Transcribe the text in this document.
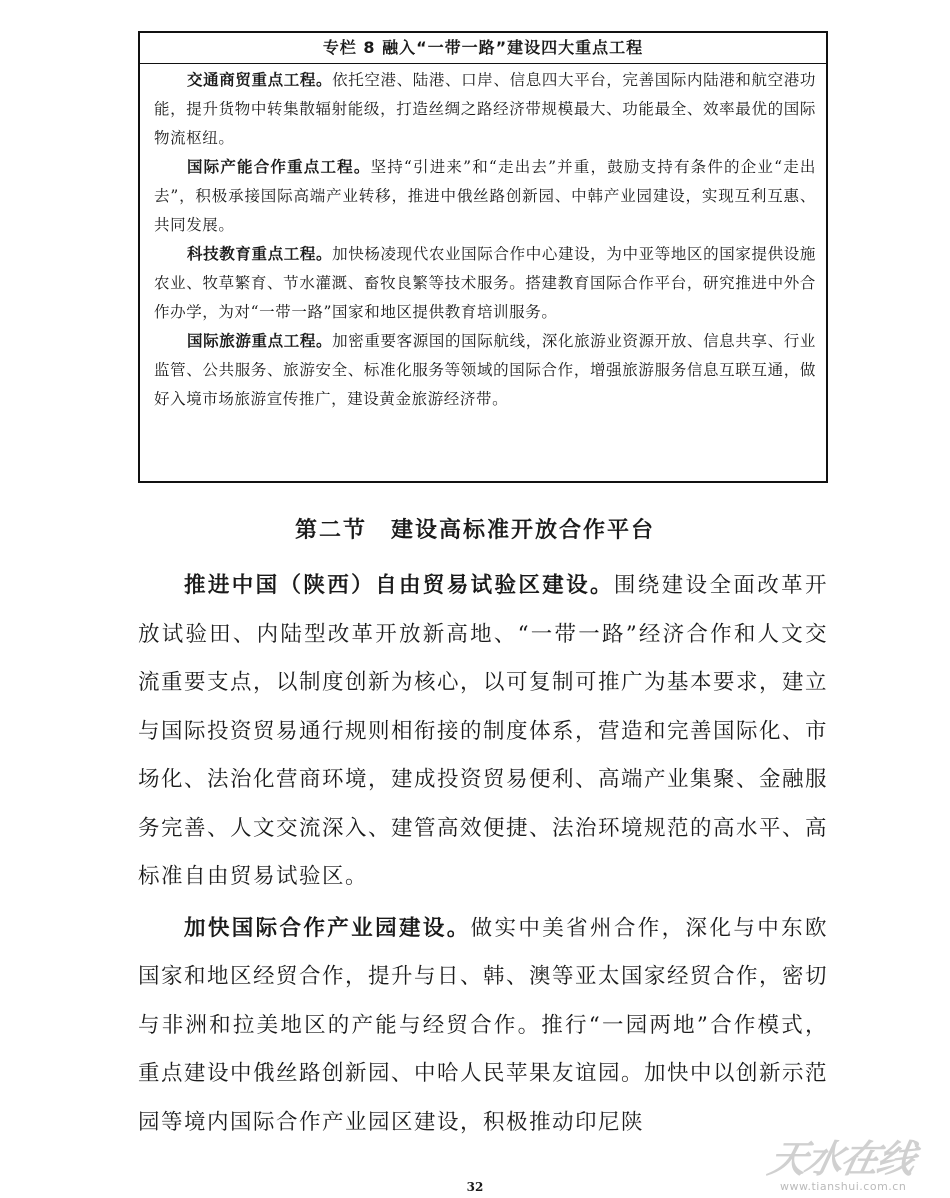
专栏 8 融入“一带一路”建设四大重点工程

交通商贸重点工程。依托空港、陆港、口岸、信息四大平台，完善国际内陆港和航空港功能，提升货物中转集散辐射能级，打造丝绸之路经济带规模最大、功能最全、效率最优的国际物流枢纽。

国际产能合作重点工程。坚持“引进来”和“走出去”并重，鼓励支持有条件的企业“走出去”，积极承接国际高端产业转移，推进中俄丝路创新园、中韩产业园建设，实现互利互惠、共同发展。

科技教育重点工程。加快杨凌现代农业国际合作中心建设，为中亚等地区的国家提供设施农业、牧草繁育、节水灌溉、畜牧良繁等技术服务。搭建教育国际合作平台，研究推进中外合作办学，为对“一带一路”国家和地区提供教育培训服务。

国际旅游重点工程。加密重要客源国的国际航线，深化旅游业资源开放、信息共享、行业监管、公共服务、旅游安全、标准化服务等领域的国际合作，增强旅游服务信息互联互通，做好入境市场旅游宣传推广，建设黄金旅游经济带。

第二节　建设高标准开放合作平台

推进中国（陕西）自由贸易试验区建设。围绕建设全面改革开放试验田、内陆型改革开放新高地、“一带一路”经济合作和人文交流重要支点，以制度创新为核心，以可复制可推广为基本要求，建立与国际投资贸易通行规则相衔接的制度体系，营造和完善国际化、市场化、法治化营商环境，建成投资贸易便利、高端产业集聚、金融服务完善、人文交流深入、建管高效便捷、法治环境规范的高水平、高标准自由贸易试验区。

加快国际合作产业园建设。做实中美省州合作，深化与中东欧国家和地区经贸合作，提升与日、韩、澳等亚太国家经贸合作，密切与非洲和拉美地区的产能与经贸合作。推行“一园两地”合作模式，重点建设中俄丝路创新园、中哈人民苹果友谊园。加快中以创新示范园等境内国际合作产业园区建设，积极推动印尼陕

32
天水在线
www.tianshui.com.cn
